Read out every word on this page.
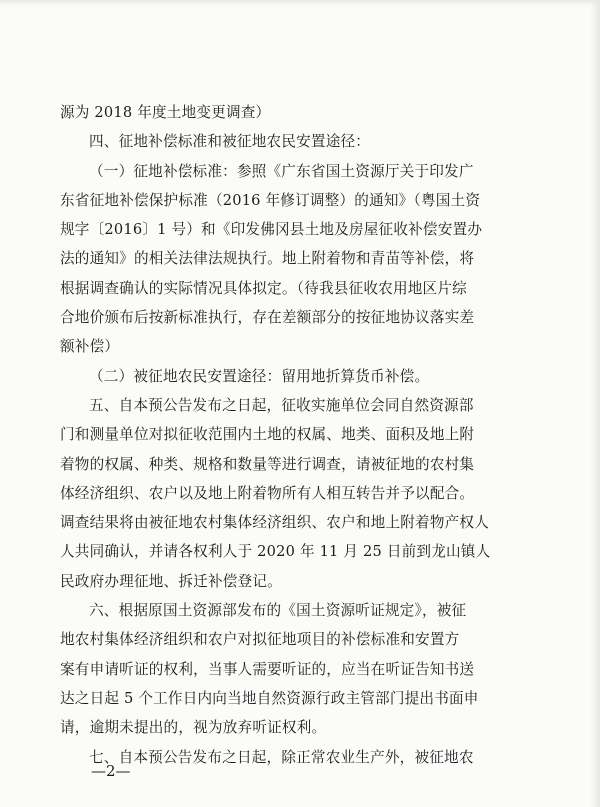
源为 2018 年度土地变更调查）
四、征地补偿标准和被征地农民安置途径：
（一）征地补偿标准：参照《广东省国土资源厅关于印发广
东省征地补偿保护标准（2016 年修订调整）的通知》（粤国土资
规字〔2016〕1 号）和《印发佛冈县土地及房屋征收补偿安置办
法的通知》的相关法律法规执行。地上附着物和青苗等补偿，将
根据调查确认的实际情况具体拟定。（待我县征收农用地区片综
合地价颁布后按新标准执行，存在差额部分的按征地协议落实差
额补偿）
（二）被征地农民安置途径：留用地折算货币补偿。
五、自本预公告发布之日起，征收实施单位会同自然资源部
门和测量单位对拟征收范围内土地的权属、地类、面积及地上附
着物的权属、种类、规格和数量等进行调查，请被征地的农村集
体经济组织、农户以及地上附着物所有人相互转告并予以配合。
调查结果将由被征地农村集体经济组织、农户和地上附着物产权人
人共同确认，并请各权利人于 2020 年 11 月 25 日前到龙山镇人
民政府办理征地、拆迁补偿登记。
六、根据原国土资源部发布的《国土资源听证规定》，被征
地农村集体经济组织和农户对拟征地项目的补偿标准和安置方
案有申请听证的权利，当事人需要听证的，应当在听证告知书送
达之日起 5 个工作日内向当地自然资源行政主管部门提出书面申
请，逾期未提出的，视为放弃听证权利。
七、自本预公告发布之日起，除正常农业生产外，被征地农
—2—
